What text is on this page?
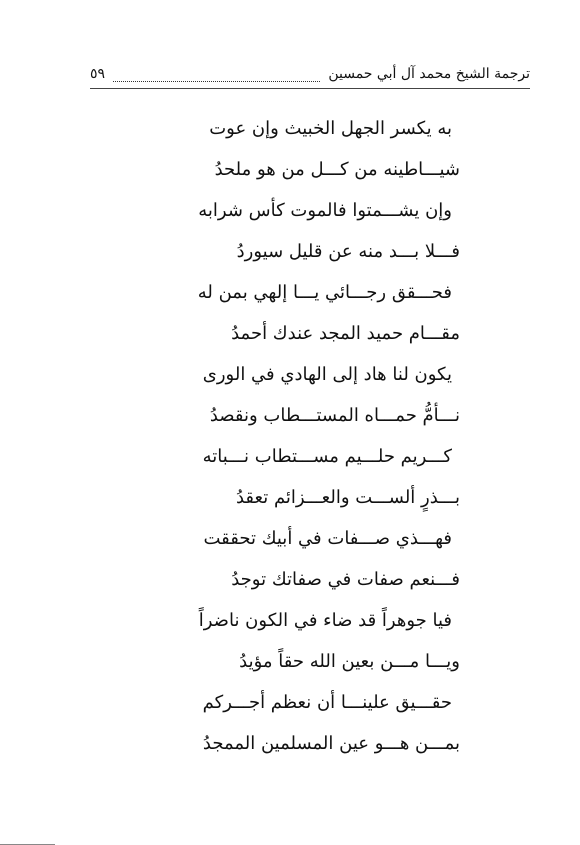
ترجمة الشيخ محمد آل أبي حمسين
٥٩
به يكسر الجهل الخبيث وإن عوت
شيـــاطينه من كـــل من هو ملحدُ
وإن يشـــمتوا فالموت كأس شرابه
فـــلا بـــد منه عن قليل سيوردُ
فحـــقق رجـــائي يـــا إلهي بمن له
مقـــام حميد المجد عندك أحمدُ
يكون لنا هاد إلى الهادي في الورى
نـــأمُّ حمـــاه المستـــطاب ونقصدُ
كـــريم حلـــيم مســـتطاب نـــباته
بـــذرٍ ألســـت والعـــزائم تعقدُ
فهـــذي صـــفات في أبيك تحققت
فـــنعم صفات في صفاتك توجدُ
فيا جوهراً قد ضاء في الكون ناضراً
ويـــا مـــن بعين الله حقاً مؤيدُ
حقـــيق علينـــا أن نعظم أجـــركم
بمـــن هـــو عين المسلمين الممجدُ
